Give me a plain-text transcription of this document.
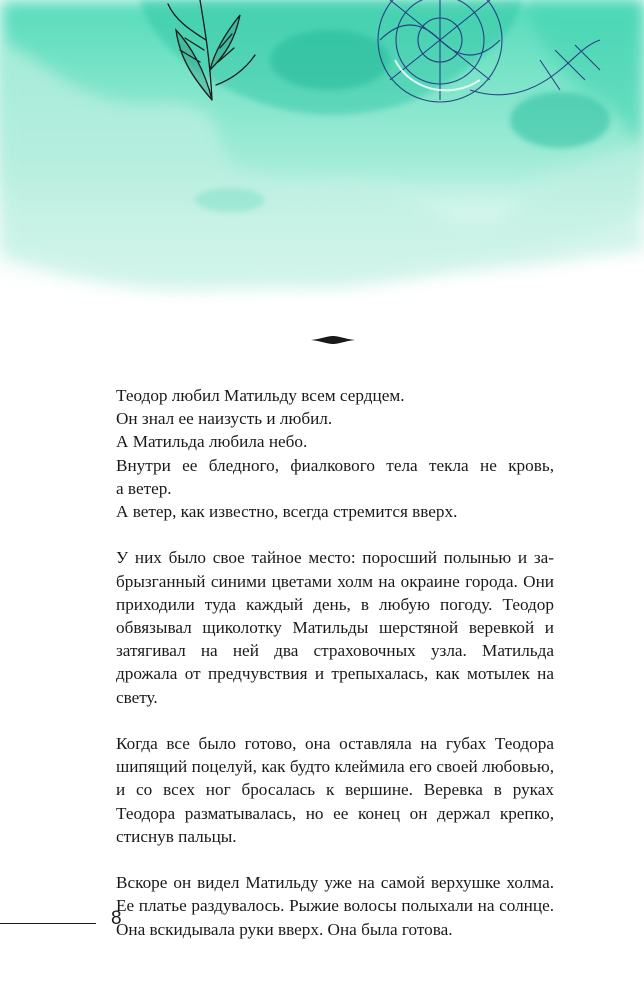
Теодор любил Матильду всем сердцем.
Он знал ее наизусть и любил.
А Матильда любила небо.
Внутри ее бледного, фиалкового тела текла не кровь,
а ветер.
А ветер, как известно, всегда стремится вверх.

У них было свое тайное место: поросший полынью и забрызганный синими цветами холм на окраине города. Они приходили туда каждый день, в любую погоду. Теодор обвязывал щиколотку Матильды шерстяной веревкой и затягивал на ней два страховочных узла. Матильда дрожала от предчувствия и трепыхалась, как мотылек на свету.

Когда все было готово, она оставляла на губах Теодора шипящий поцелуй, как будто клеймила его своей любовью, и со всех ног бросалась к вершине. Веревка в руках Теодора разматывалась, но ее конец он держал крепко, стиснув пальцы.

Вскоре он видел Матильду уже на самой верхушке холма. Ее платье раздувалось. Рыжие волосы полыхали на солнце. Она вскидывала руки вверх. Она была готова.

8
